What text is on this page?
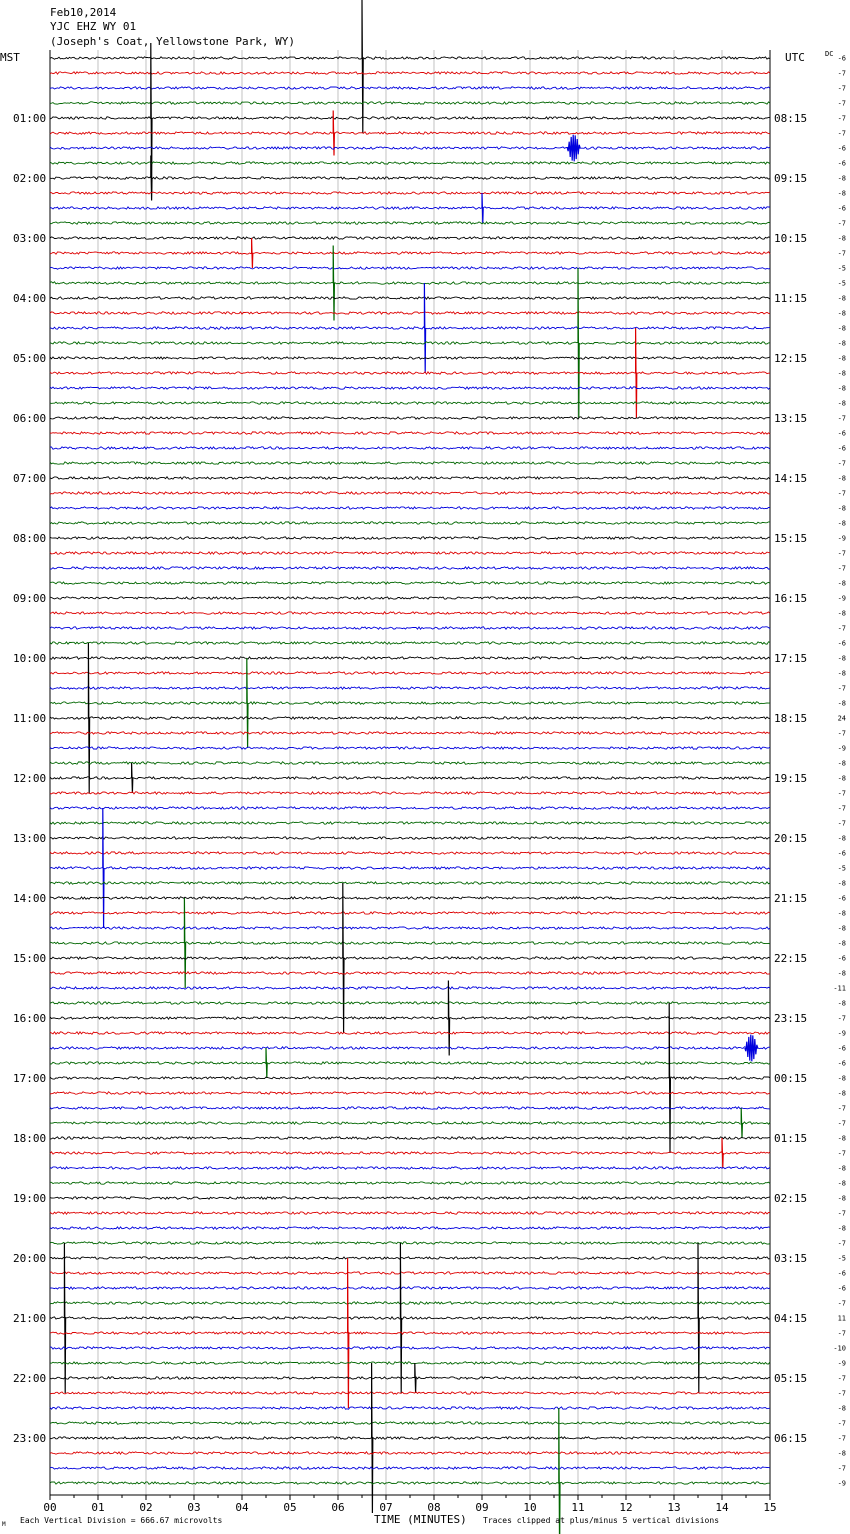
Feb10,2014
YJC EHZ WY 01
(Joseph's Coat, Yellowstone Park, WY)
MST	UTC	DC
01:00
02:00
03:00
04:00
05:00
06:00
07:00
08:00
09:00
10:00
11:00
12:00
13:00
14:00
15:00
16:00
17:00
18:00
19:00
20:00
21:00
22:00
23:00
08:15
09:15
10:15
11:15
12:15
13:15
14:15
15:15
16:15
17:15
18:15
19:15
20:15
21:15
22:15
23:15
00:15
01:15
02:15
03:15
04:15
05:15
06:15
-6
-7
-7
-7
-7
-7
-6
-6
-8
-8
-6
-7
-8
-7
-5
-5
-8
-8
-8
-8
-8
-8
-8
-8
-7
-6
-6
-7
-8
-7
-8
-8
-9
-7
-7
-8
-9
-8
-7
-6
-8
-8
-7
-8
24
-7
-9
-8
-8
-7
-7
-7
-8
-6
-5
-8
-6
-8
-8
-8
-6
-8
-11
-8
-7
-9
-6
-6
-8
-8
-7
-7
-8
-7
-8
-8
-8
-7
-8
-7
-5
-6
-6
-7
11
-7
-10
-9
-7
-7
-8
-7
-7
-8
-7
-9
00	01	02	03	04	05	06	07	08	09	10	11	12	13	14	15
TIME (MINUTES)
Each Vertical Division = 666.67 microvolts	Traces clipped at plus/minus 5 vertical divisions
M
